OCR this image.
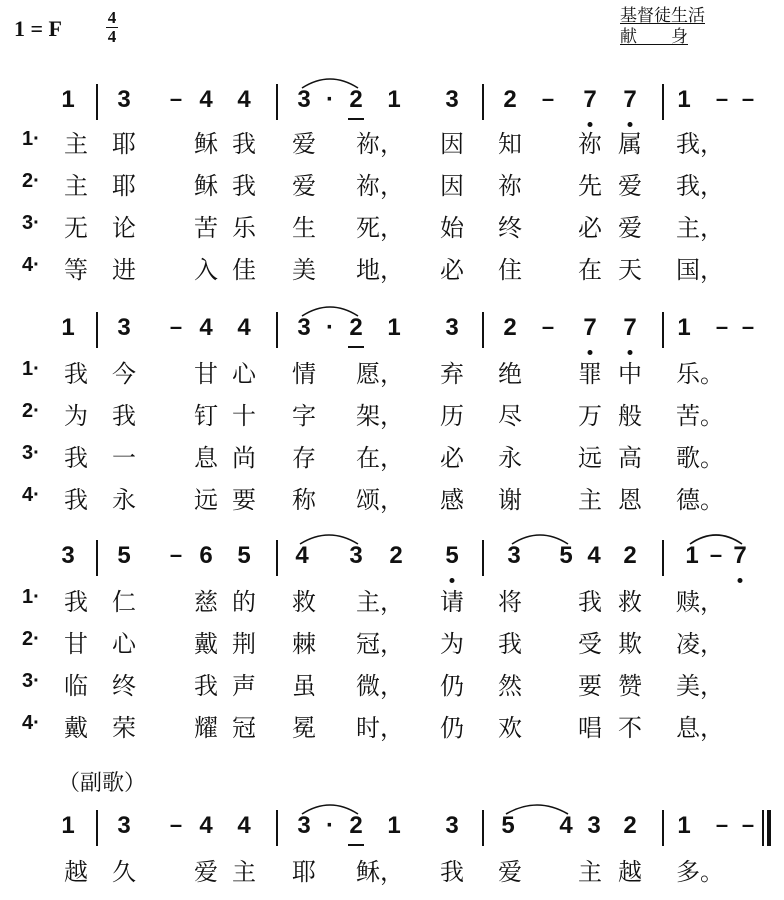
1 = F	4
4
基督徒生活
献　　身
（副歌）
1 3 – 4 4 3 · 2 1 3 2 – 7 7 1 – –
1· 主 耶 稣 我 爱 祢， 因 知 祢 属 我，
2· 主 耶 稣 我 爱 祢， 因 祢 先 爱 我，
3· 无 论 苦 乐 生 死， 始 终 必 爱 主，
4· 等 进 入 佳 美 地， 必 住 在 天 国，
1 3 – 4 4 3 · 2 1 3 2 – 7 7 1 – –
1· 我 今 甘 心 情 愿， 弃 绝 罪 中 乐。
2· 为 我 钉 十 字 架， 历 尽 万 般 苦。
3· 我 一 息 尚 存 在， 必 永 远 高 歌。
4· 我 永 远 要 称 颂， 感 谢 主 恩 德。
3 5 – 6 5 4 3 2 5 3 5 4 2 1 – 7
1· 我 仁 慈 的 救 主， 请 将 我 救 赎，
2· 甘 心 戴 荆 棘 冠， 为 我 受 欺 凌，
3· 临 终 我 声 虽 微， 仍 然 要 赞 美，
4· 戴 荣 耀 冠 冕 时， 仍 欢 唱 不 息，
1 3 – 4 4 3 · 2 1 3 5 4 3 2 1 – –
越 久 爱 主 耶 稣， 我 爱 主 越 多。
